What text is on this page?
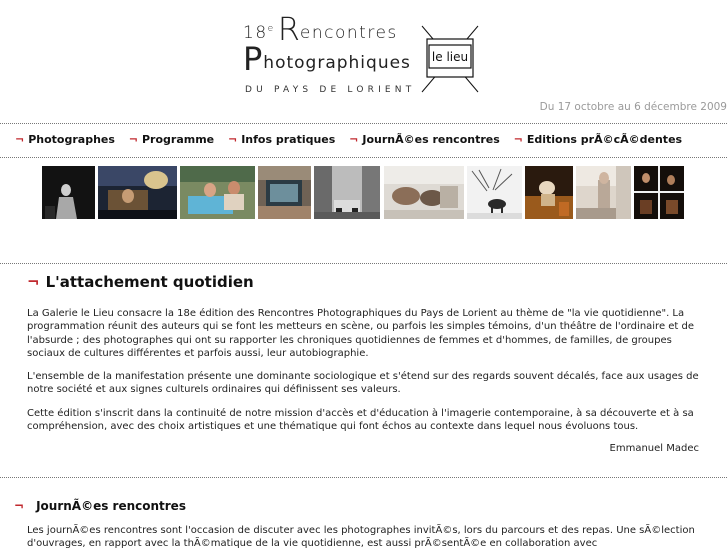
18eRencontres
Photographiques
DU PAYS DE LORIENT
le lieu
Du 17 octobre au 6 décembre 2009
¬ Photographes ¬ Programme ¬ Infos pratiques ¬ JournÃ©es rencontres ¬ Editions prÃ©cÃ©dentes
¬ L'attachement quotidien

La Galerie le Lieu consacre la 18e édition des Rencontres Photographiques du Pays de Lorient au thème de "la vie quotidienne". La programmation réunit des auteurs qui se font les metteurs en scène, ou parfois les simples témoins, d'un théâtre de l'ordinaire et de l'absurde ; des photographes qui ont su rapporter les chroniques quotidiennes de femmes et d'hommes, de familles, de groupes sociaux de cultures différentes et parfois aussi, leur autobiographie.

L'ensemble de la manifestation présente une dominante sociologique et s'étend sur des regards souvent décalés, face aux usages de notre société et aux signes culturels ordinaires qui définissent ses valeurs.

Cette édition s'inscrit dans la continuité de notre mission d'accès et d'éducation à l'imagerie contemporaine, à sa découverte et à sa compréhension, avec des choix artistiques et une thématique qui font échos au contexte dans lequel nous évoluons tous.

Emmanuel Madec
¬ JournÃ©es rencontres

Les journÃ©es rencontres sont l'occasion de discuter avec les photographes invitÃ©s, lors du parcours et des repas. Une sÃ©lection d'ouvrages, en rapport avec la thÃ©matique de la vie quotidienne, est aussi prÃ©sentÃ©e en collaboration avec
